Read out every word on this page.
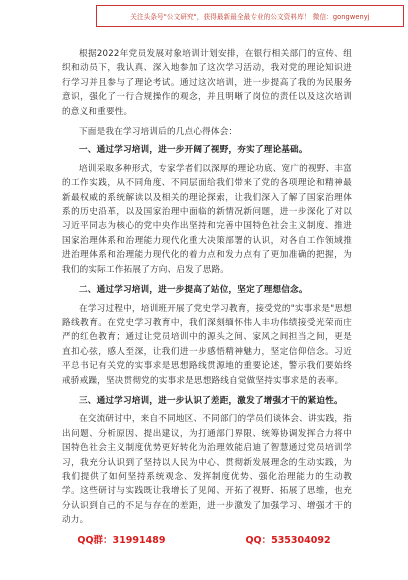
关注头条号"公文研究"，获得最新最全最专业的公文资料库！ 微信：gongwenyj

根据2022年党员发展对象培训计划安排，在银行相关部门的宣传、组织和动员下，我认真、深入地参加了这次学习活动，我对党的理论知识进行学习并且参与了理论考试。通过这次培训，进一步提高了我的为民服务意识，强化了一行合规操作的观念，并且明晰了岗位的责任以及这次培训的意义和重要性。

下面是我在学习培训后的几点心得体会：

一、通过学习培训，进一步开阔了视野，夯实了理论基础。

培训采取多种形式，专家学者们以深厚的理论功底、宽广的视野、丰富的工作实践，从不同角度、不同层面给我们带来了党的各项理论和精神最新最权威的系统解读以及相关的理论探索，让我们深入了解了国家治理体系的历史沿革，以及国家治理中面临的新情况新问题，进一步深化了对以习近平同志为核心的党中央作出坚持和完善中国特色社会主义制度、推进国家治理体系和治理能力现代化重大决策部署的认识，对各自工作领域推进治理体系和治理能力现代化的着力点和发力点有了更加准确的把握，为我们的实际工作拓展了方向、启发了思路。

二、通过学习培训，进一步提高了站位，坚定了理想信念。

在学习过程中，培训班开展了党史学习教育，接受党的"实事求是"思想路线教育。在党史学习教育中，我们深刻缅怀伟人丰功伟绩接受光荣而庄严的红色教育；通过让党员培训中的源头之间、家风之间担当之间，更是直扣心弦，感人至深，让我们进一步感悟精神魅力，坚定信仰信念。习近平总书记有关党的实事求是思想路线贯源地的重要论述，警示我们要始终戒骄戒躁，坚决贯彻党的实事求是思想路线自觉做坚持实事求是的表率。

三、通过学习培训，进一步认识了差距，激发了增强才干的紧迫性。

在交流研讨中，来自不同地区、不同部门的学员们谈体会、讲实践，指出问题、分析原因、提出建议，为打通部门界限、统筹协调发挥合力将中国特色社会主义制度优势更好转化为治理效能启迪了智慧通过党员培训学习，我充分认识到了坚持以人民为中心、贯彻新发展理念的生动实践，为我们提供了如何坚持系统观念、发挥制度优势、强化治理能力的生动教学。这些研讨与实践既让我增长了见闻、开拓了视野、拓展了思维，也充分认识到自己的不足与存在的差距，进一步激发了加强学习、增强才干的动力。

QQ群：31991489	QQ：535304092
